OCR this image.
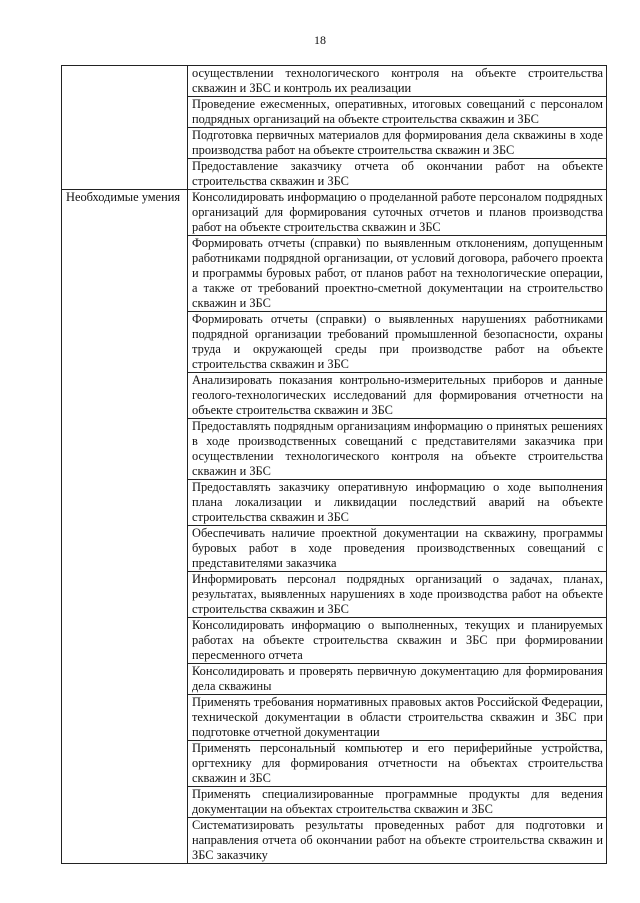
18
	осуществлении технологического контроля на объекте строительства скважин и ЗБС и контроль их реализации
	Проведение ежесменных, оперативных, итоговых совещаний с персоналом подрядных организаций на объекте строительства скважин и ЗБС
	Подготовка первичных материалов для формирования дела скважины в ходе производства работ на объекте строительства скважин и ЗБС
	Предоставление заказчику отчета об окончании работ на объекте строительства скважин и ЗБС

Необходимые умения	Консолидировать информацию о проделанной работе персоналом подрядных организаций для формирования суточных отчетов и планов производства работ на объекте строительства скважин и ЗБС
	Формировать отчеты (справки) по выявленным отклонениям, допущенным работниками подрядной организации, от условий договора, рабочего проекта и программы буровых работ, от планов работ на технологические операции, а также от требований проектно-сметной документации на строительство скважин и ЗБС
	Формировать отчеты (справки) о выявленных нарушениях работниками подрядной организации требований промышленной безопасности, охраны труда и окружающей среды при производстве работ на объекте строительства скважин и ЗБС
	Анализировать показания контрольно-измерительных приборов и данные геолого-технологических исследований для формирования отчетности на объекте строительства скважин и ЗБС
	Предоставлять подрядным организациям информацию о принятых решениях в ходе производственных совещаний с представителями заказчика при осуществлении технологического контроля на объекте строительства скважин и ЗБС
	Предоставлять заказчику оперативную информацию о ходе выполнения плана локализации и ликвидации последствий аварий на объекте строительства скважин и ЗБС
	Обеспечивать наличие проектной документации на скважину, программы буровых работ в ходе проведения производственных совещаний с представителями заказчика
	Информировать персонал подрядных организаций о задачах, планах, результатах, выявленных нарушениях в ходе производства работ на объекте строительства скважин и ЗБС
	Консолидировать информацию о выполненных, текущих и планируемых работах на объекте строительства скважин и ЗБС при формировании пересменного отчета
	Консолидировать и проверять первичную документацию для формирования дела скважины
	Применять требования нормативных правовых актов Российской Федерации, технической документации в области строительства скважин и ЗБС при подготовке отчетной документации
	Применять персональный компьютер и его периферийные устройства, оргтехнику для формирования отчетности на объектах строительства скважин и ЗБС
	Применять специализированные программные продукты для ведения документации на объектах строительства скважин и ЗБС
	Систематизировать результаты проведенных работ для подготовки и направления отчета об окончании работ на объекте строительства скважин и ЗБС заказчику
